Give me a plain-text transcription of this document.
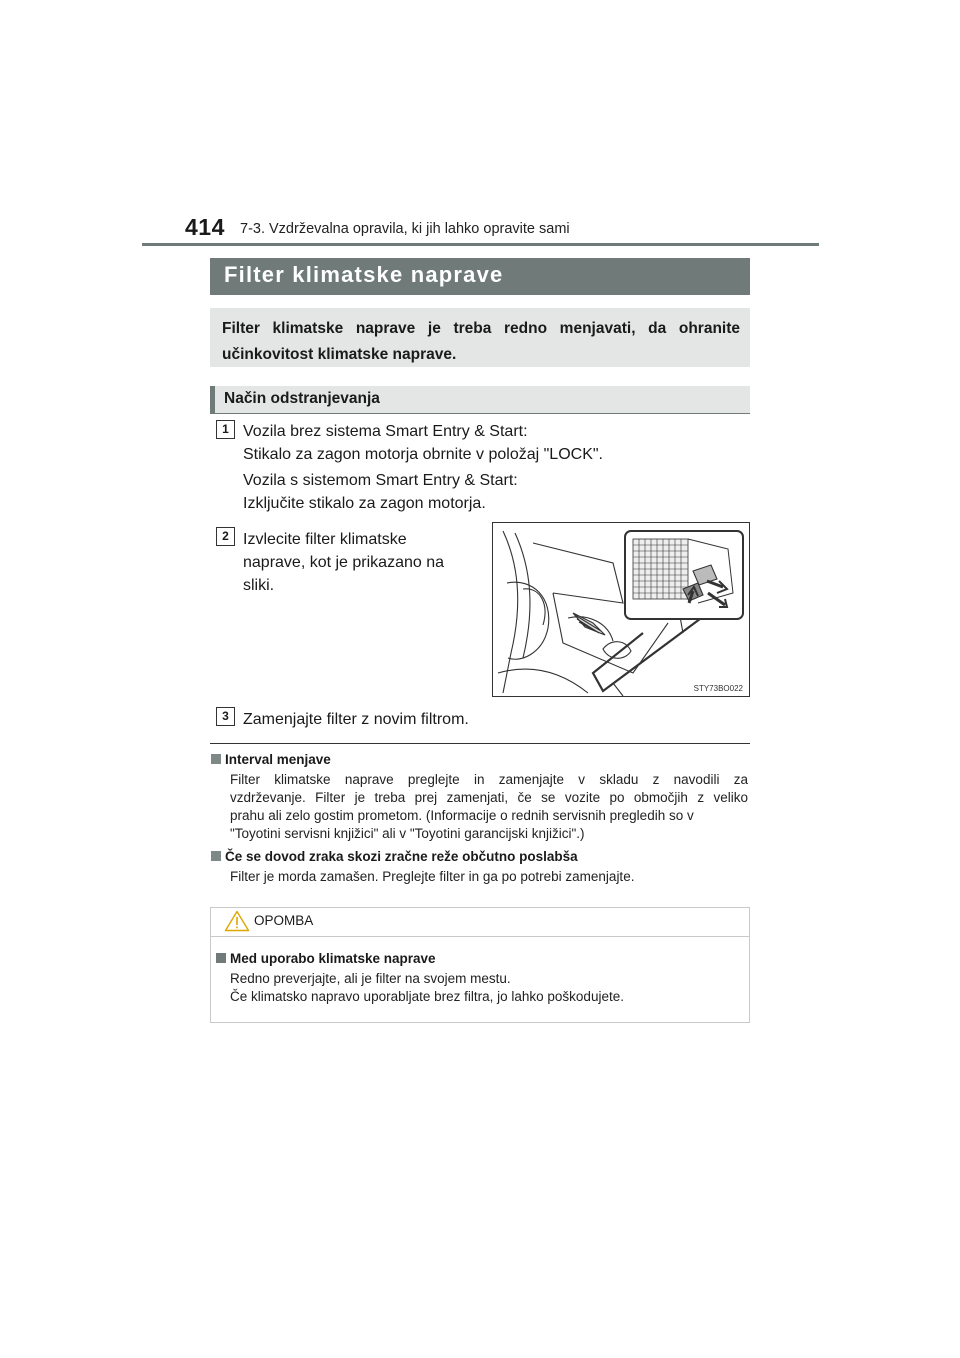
414 7-3. Vzdrževalna opravila, ki jih lahko opravite sami
Filter klimatske naprave
Filter klimatske naprave je treba redno menjavati, da ohranite
učinkovitost klimatske naprave.
Način odstranjevanja
1 Vozila brez sistema Smart Entry & Start:
Stikalo za zagon motorja obrnite v položaj "LOCK".
Vozila s sistemom Smart Entry & Start:
Izključite stikalo za zagon motorja.
2 Izvlecite filter klimatske
naprave, kot je prikazano na
sliki.
STY73BO022
3 Zamenjajte filter z novim filtrom.
Interval menjave
Filter klimatske naprave preglejte in zamenjajte v skladu z navodili za
vzdrževanje. Filter je treba prej zamenjati, če se vozite po območjih z veliko
prahu ali zelo gostim prometom. (Informacije o rednih servisnih pregledih so v
"Toyotini servisni knjižici" ali v "Toyotini garancijski knjižici".)
Če se dovod zraka skozi zračne reže občutno poslabša
Filter je morda zamašen. Preglejte filter in ga po potrebi zamenjajte.
OPOMBA
Med uporabo klimatske naprave
Redno preverjajte, ali je filter na svojem mestu.
Če klimatsko napravo uporabljate brez filtra, jo lahko poškodujete.
